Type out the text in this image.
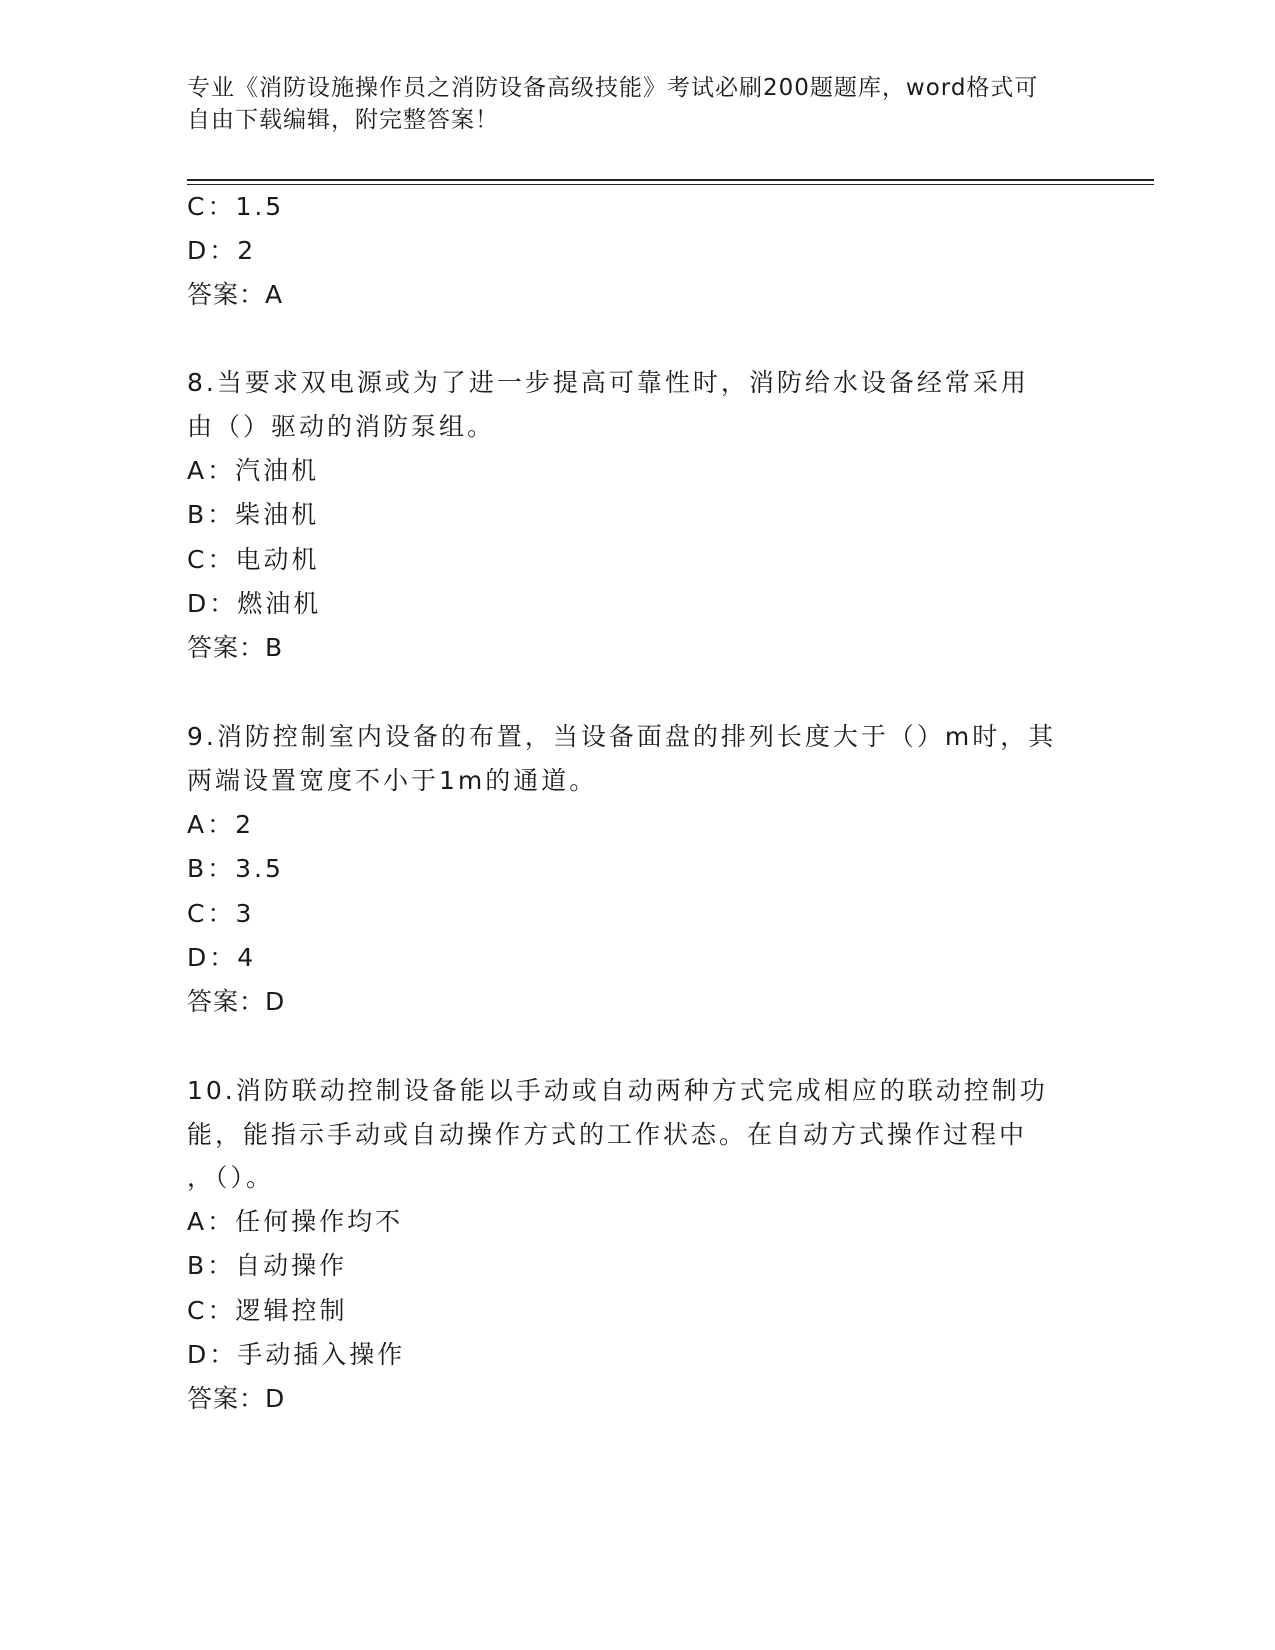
专业《消防设施操作员之消防设备高级技能》考试必刷200题题库，word格式可
自由下载编辑，附完整答案！
C：1.5
D：2
答案：A
8.当要求双电源或为了进一步提高可靠性时，消防给水设备经常采用
由（）驱动的消防泵组。
A：汽油机
B：柴油机
C：电动机
D：燃油机
答案：B
9.消防控制室内设备的布置，当设备面盘的排列长度大于（）m时，其
两端设置宽度不小于1m的通道。
A：2
B：3.5
C：3
D：4
答案：D
10.消防联动控制设备能以手动或自动两种方式完成相应的联动控制功
能，能指示手动或自动操作方式的工作状态。在自动方式操作过程中
，（）。
A：任何操作均不
B：自动操作
C：逻辑控制
D：手动插入操作
答案：D
